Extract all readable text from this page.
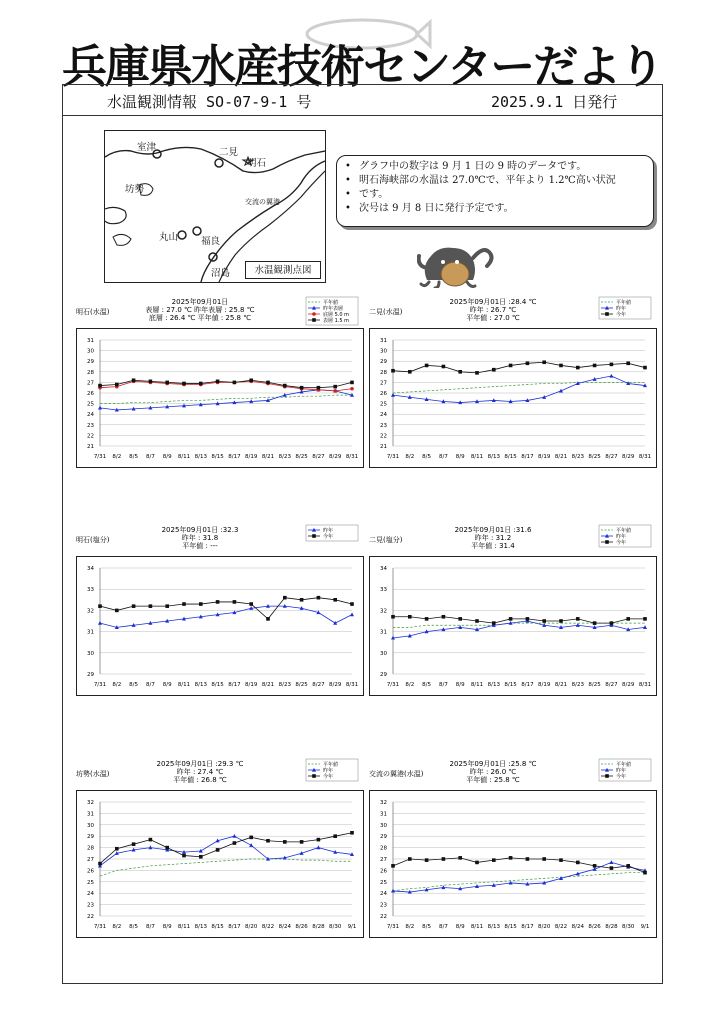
兵庫県水産技術センターだより
水温観測情報 SO-07-9-1 号	2025.9.1 日発行
室津	二見
明石
坊勢
交流の翼港
丸山 福良
沼島	水温観測点図
• グラフ中の数字は 9 月 1 日の 9 時のデータです。
• 明石海峡部の水温は 27.0℃で、平年より 1.2℃高い状況
• です。
• 次号は 9 月 8 日に発行予定です。
明石(水温)
2025年09月01日
表層 : 27.0 ℃ 昨年表層 : 25.8 ℃
底層 : 26.4 ℃ 平年値 : 25.8 ℃
平年値
昨年表層
底層 5.0 m
表層 1.5 m
21
22
23
24
25
26
27
28
29
30
31
7/31 8/2 8/5 8/7 8/9 8/11 8/13 8/15 8/17 8/19 8/21 8/23 8/25 8/27 8/29 8/31
二見(水温)
2025年09月01日 :28.4 ℃
昨年 : 26.7 ℃
平年値 : 27.0 ℃
平年値
昨年
今年
21
22
23
24
25
26
27
28
29
30
31
7/31 8/2 8/5 8/7 8/9 8/11 8/13 8/15 8/17 8/19 8/21 8/23 8/25 8/27 8/29 8/31
明石(塩分)
2025年09月01日 :32.3
昨年 : 31.8
平年値 : ---
昨年
今年
29
30
31
32
33
34
7/31 8/2 8/5 8/7 8/9 8/11 8/13 8/15 8/17 8/19 8/21 8/23 8/25 8/27 8/29 8/31
二見(塩分)
2025年09月01日 :31.6
昨年 : 31.2
平年値 : 31.4
平年値
昨年
今年
29
30
31
32
33
34
7/31 8/2 8/5 8/7 8/9 8/11 8/13 8/15 8/17 8/19 8/21 8/23 8/25 8/27 8/29 8/31
坊勢(水温)
2025年09月01日 :29.3 ℃
昨年 : 27.4 ℃
平年値 : 26.8 ℃
平年値
昨年
今年
22
23
24
25
26
27
28
29
30
31
32
7/31 8/2 8/5 8/7 8/9 8/11 8/13 8/15 8/17 8/20 8/22 8/24 8/26 8/28 8/30 9/1
交流の翼港(水温)
2025年09月01日 :25.8 ℃
昨年 : 26.0 ℃
平年値 : 25.8 ℃
平年値
昨年
今年
22
23
24
25
26
27
28
29
30
31
32
7/31 8/2 8/5 8/7 8/9 8/11 8/13 8/15 8/17 8/20 8/22 8/24 8/26 8/28 8/30 9/1
